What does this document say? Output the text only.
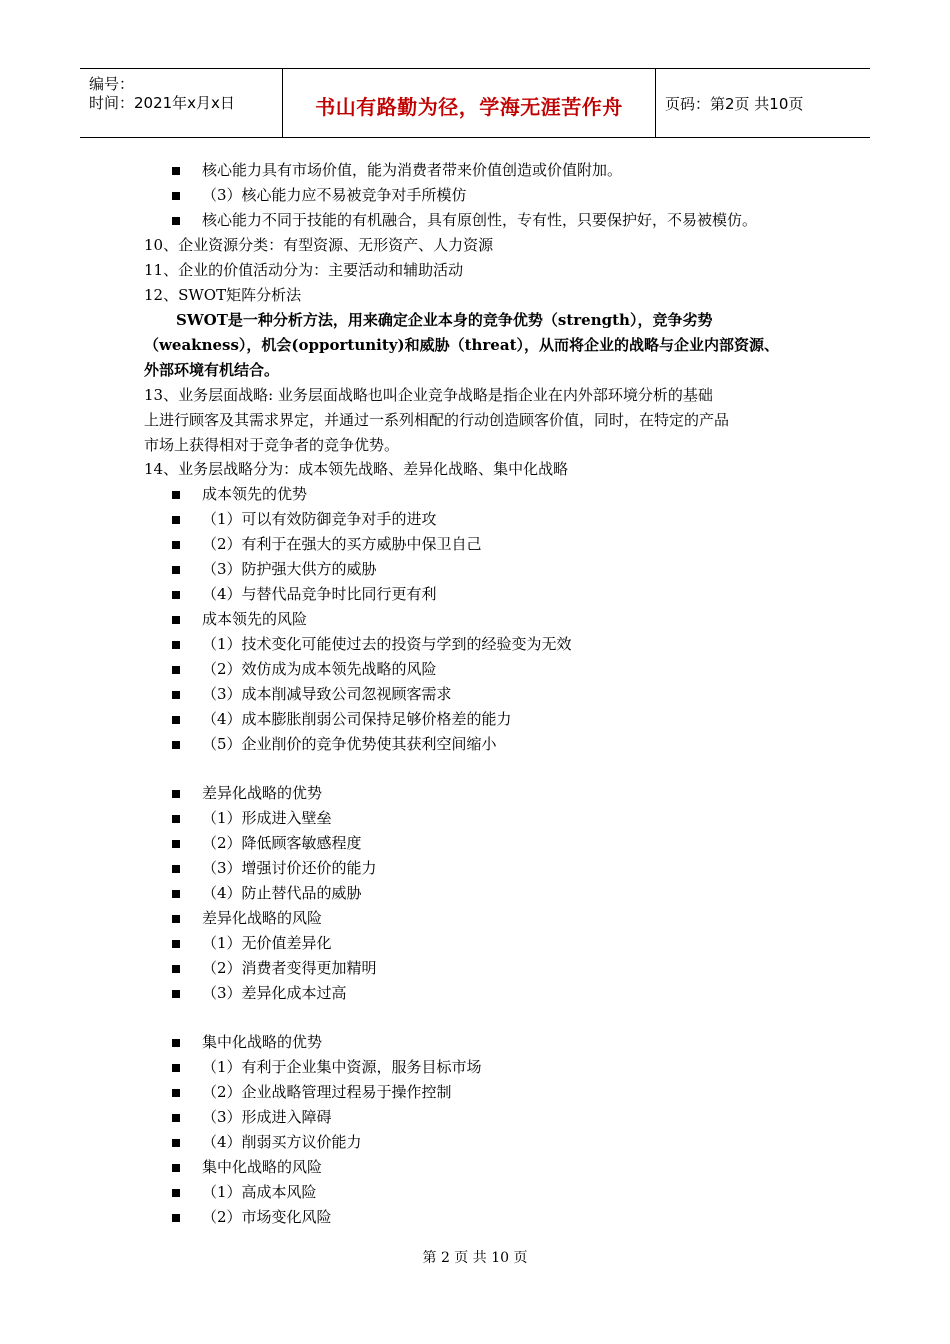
编号：
时间：2021年x月x日	书山有路勤为径，学海无涯苦作舟	页码：第2页 共10页
核心能力具有市场价值，能为消费者带来价值创造或价值附加。
（3）核心能力应不易被竞争对手所模仿
核心能力不同于技能的有机融合，具有原创性，专有性，只要保护好，不易被模仿。
10、企业资源分类：有型资源、无形资产、人力资源
11、企业的价值活动分为：主要活动和辅助活动
12、SWOT矩阵分析法
SWOT是一种分析方法，用来确定企业本身的竞争优势（strength），竞争劣势
（weakness），机会(opportunity)和威胁（threat），从而将企业的战略与企业内部资源、
外部环境有机结合。
13、业务层面战略: 业务层面战略也叫企业竞争战略是指企业在内外部环境分析的基础
上进行顾客及其需求界定，并通过一系列相配的行动创造顾客价值，同时，在特定的产品
市场上获得相对于竞争者的竞争优势。
14、业务层战略分为：成本领先战略、差异化战略、集中化战略
成本领先的优势
（1）可以有效防御竞争对手的进攻
（2）有利于在强大的买方威胁中保卫自己
（3）防护强大供方的威胁
（4）与替代品竞争时比同行更有利
成本领先的风险
（1）技术变化可能使过去的投资与学到的经验变为无效
（2）效仿成为成本领先战略的风险
（3）成本削减导致公司忽视顾客需求
（4）成本膨胀削弱公司保持足够价格差的能力
（5）企业削价的竞争优势使其获利空间缩小
差异化战略的优势
（1）形成进入壁垒
（2）降低顾客敏感程度
（3）增强讨价还价的能力
（4）防止替代品的威胁
差异化战略的风险
（1）无价值差异化
（2）消费者变得更加精明
（3）差异化成本过高
集中化战略的优势
（1）有利于企业集中资源，服务目标市场
（2）企业战略管理过程易于操作控制
（3）形成进入障碍
（4）削弱买方议价能力
集中化战略的风险
（1）高成本风险
（2）市场变化风险
第 2 页 共 10 页
